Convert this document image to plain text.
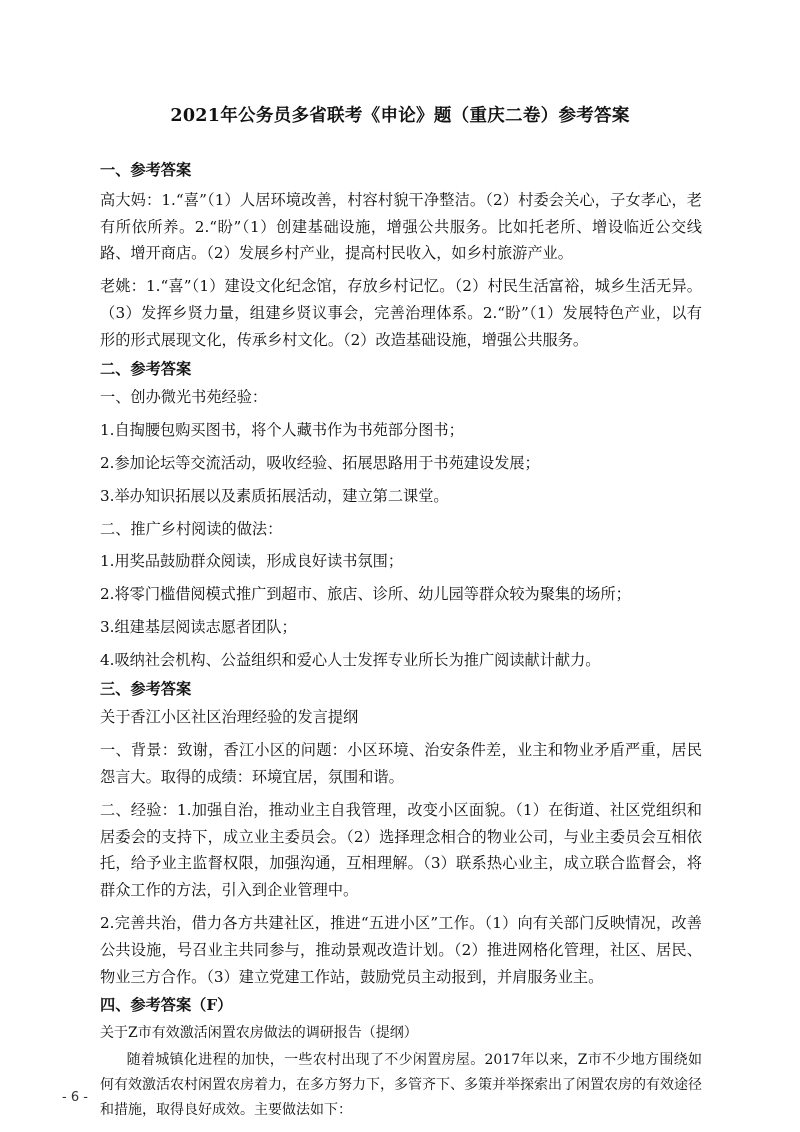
2021年公务员多省联考《申论》题（重庆二卷）参考答案

一、参考答案

高大妈：1.“喜”（1）人居环境改善，村容村貌干净整洁。（2）村委会关心，子女孝心，老有所依所养。2.“盼”（1）创建基础设施，增强公共服务。比如托老所、增设临近公交线路、增开商店。（2）发展乡村产业，提高村民收入，如乡村旅游产业。

老姚：1.“喜”（1）建设文化纪念馆，存放乡村记忆。（2）村民生活富裕，城乡生活无异。（3）发挥乡贤力量，组建乡贤议事会，完善治理体系。2.“盼”（1）发展特色产业，以有形的形式展现文化，传承乡村文化。（2）改造基础设施，增强公共服务。

二、参考答案

一、创办微光书苑经验：

1.自掏腰包购买图书，将个人藏书作为书苑部分图书；

2.参加论坛等交流活动，吸收经验、拓展思路用于书苑建设发展；

3.举办知识拓展以及素质拓展活动，建立第二课堂。

二、推广乡村阅读的做法：

1.用奖品鼓励群众阅读，形成良好读书氛围；

2.将零门槛借阅模式推广到超市、旅店、诊所、幼儿园等群众较为聚集的场所；

3.组建基层阅读志愿者团队；

4.吸纳社会机构、公益组织和爱心人士发挥专业所长为推广阅读献计献力。

三、参考答案

关于香江小区社区治理经验的发言提纲

一、背景：致谢，香江小区的问题：小区环境、治安条件差，业主和物业矛盾严重，居民怨言大。取得的成绩：环境宜居，氛围和谐。

二、经验：1.加强自治，推动业主自我管理，改变小区面貌。（1）在街道、社区党组织和居委会的支持下，成立业主委员会。（2）选择理念相合的物业公司，与业主委员会互相依托，给予业主监督权限，加强沟通，互相理解。（3）联系热心业主，成立联合监督会，将群众工作的方法，引入到企业管理中。

2.完善共治，借力各方共建社区，推进“五进小区”工作。（1）向有关部门反映情况，改善公共设施，号召业主共同参与，推动景观改造计划。（2）推进网格化管理，社区、居民、物业三方合作。（3）建立党建工作站，鼓励党员主动报到，并肩服务业主。

四、参考答案（F）

关于Z市有效激活闲置农房做法的调研报告（提纲）

随着城镇化进程的加快，一些农村出现了不少闲置房屋。2017年以来，Z市不少地方围绕如何有效激活农村闲置农房着力，在多方努力下，多管齐下、多策并举探索出了闲置农房的有效途径和措施，取得良好成效。主要做法如下：

- 6 -
